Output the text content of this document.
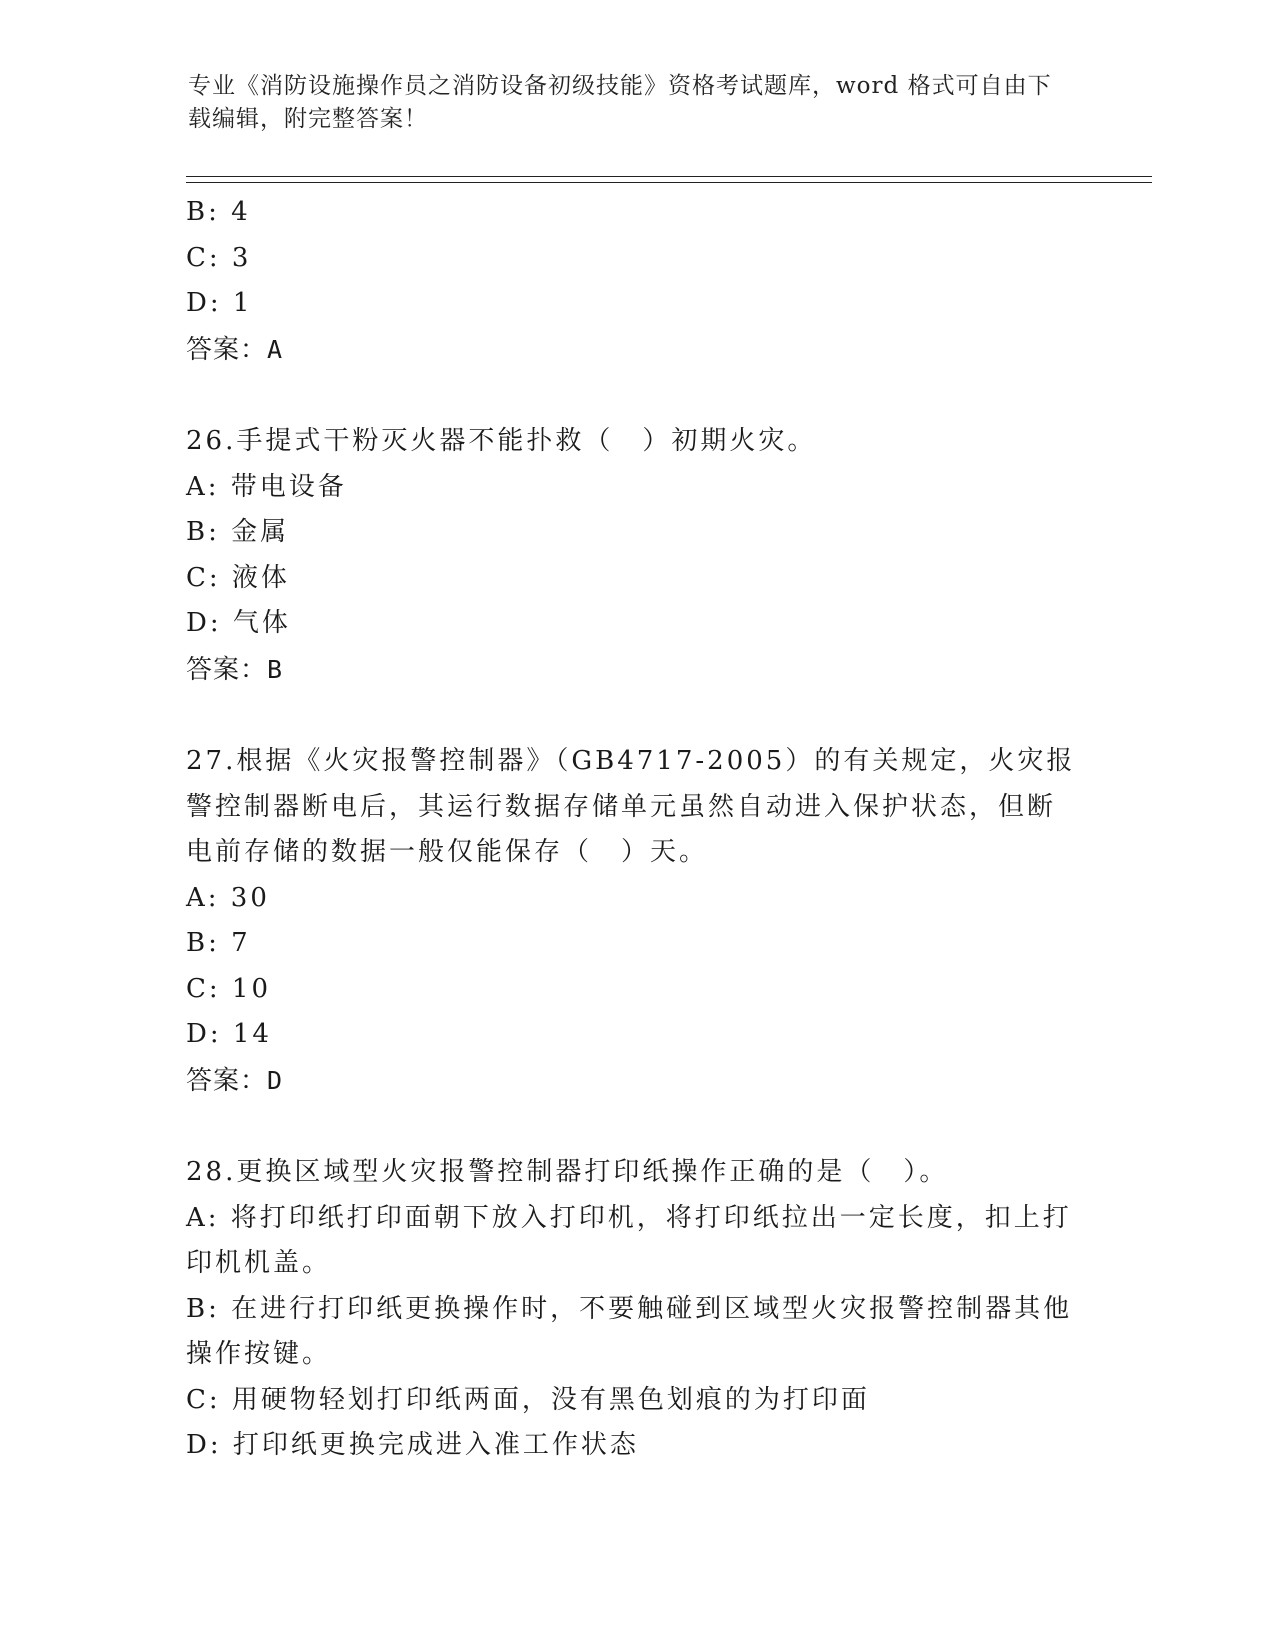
专业《消防设施操作员之消防设备初级技能》资格考试题库，word 格式可自由下载编辑，附完整答案！
B: 4
C: 3
D: 1
答案：A
26.手提式干粉灭火器不能扑救（　）初期火灾。
A: 带电设备
B: 金属
C: 液体
D: 气体
答案：B
27.根据《火灾报警控制器》（GB4717-2005）的有关规定，火灾报警控制器断电后，其运行数据存储单元虽然自动进入保护状态，但断电前存储的数据一般仅能保存（　）天。
A: 30
B: 7
C: 10
D: 14
答案：D
28.更换区域型火灾报警控制器打印纸操作正确的是（　）。
A: 将打印纸打印面朝下放入打印机，将打印纸拉出一定长度，扣上打印机机盖。
B: 在进行打印纸更换操作时，不要触碰到区域型火灾报警控制器其他操作按键。
C: 用硬物轻划打印纸两面，没有黑色划痕的为打印面
D: 打印纸更换完成进入准工作状态
